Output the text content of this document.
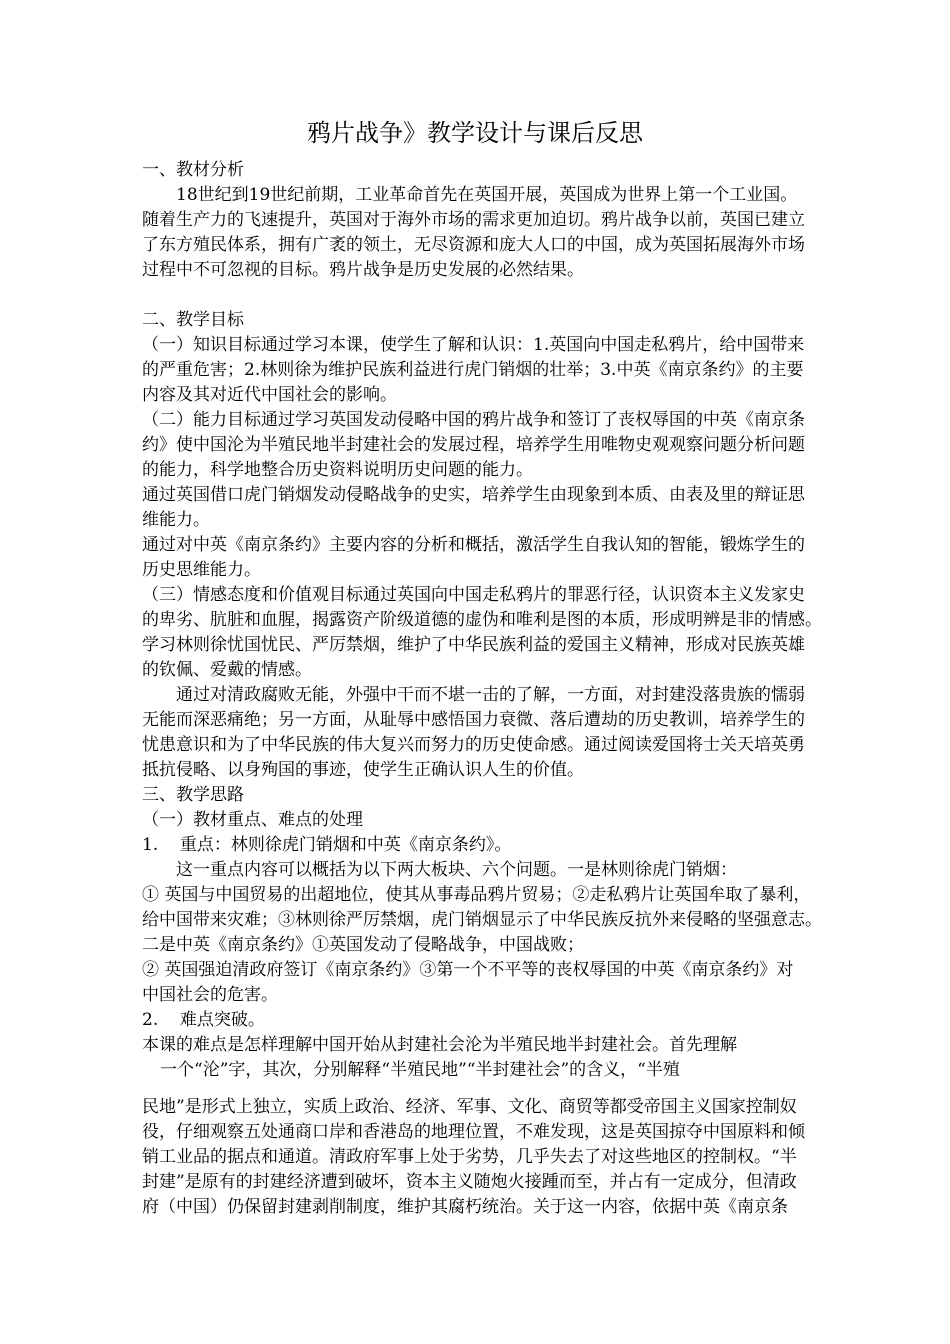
鸦片战争》教学设计与课后反思
一、教材分析
18世纪到19世纪前期，工业革命首先在英国开展，英国成为世界上第一个工业国。
随着生产力的飞速提升，英国对于海外市场的需求更加迫切。鸦片战争以前，英国已建立
了东方殖民体系，拥有广袤的领土，无尽资源和庞大人口的中国，成为英国拓展海外市场
过程中不可忽视的目标。鸦片战争是历史发展的必然结果。
二、教学目标
（一）知识目标通过学习本课，使学生了解和认识：1.英国向中国走私鸦片，给中国带来
的严重危害；2.林则徐为维护民族利益进行虎门销烟的壮举；3.中英《南京条约》的主要
内容及其对近代中国社会的影响。
（二）能力目标通过学习英国发动侵略中国的鸦片战争和签订了丧权辱国的中英《南京条
约》使中国沦为半殖民地半封建社会的发展过程，培养学生用唯物史观观察问题分析问题
的能力，科学地整合历史资料说明历史问题的能力。
通过英国借口虎门销烟发动侵略战争的史实，培养学生由现象到本质、由表及里的辩证思
维能力。
通过对中英《南京条约》主要内容的分析和概括，激活学生自我认知的智能，锻炼学生的
历史思维能力。
（三）情感态度和价值观目标通过英国向中国走私鸦片的罪恶行径，认识资本主义发家史
的卑劣、肮脏和血腥，揭露资产阶级道德的虚伪和唯利是图的本质，形成明辨是非的情感。
学习林则徐忧国忧民、严厉禁烟，维护了中华民族利益的爱国主义精神，形成对民族英雄
的钦佩、爱戴的情感。
通过对清政腐败无能，外强中干而不堪一击的了解，一方面，对封建没落贵族的懦弱
无能而深恶痛绝；另一方面，从耻辱中感悟国力衰微、落后遭劫的历史教训，培养学生的
忧患意识和为了中华民族的伟大复兴而努力的历史使命感。通过阅读爱国将士关天培英勇
抵抗侵略、以身殉国的事迹，使学生正确认识人生的价值。
三、教学思路
（一）教材重点、难点的处理
1.    重点：林则徐虎门销烟和中英《南京条约》。
这一重点内容可以概括为以下两大板块、六个问题。一是林则徐虎门销烟：
① 英国与中国贸易的出超地位，使其从事毒品鸦片贸易；②走私鸦片让英国牟取了暴利，
给中国带来灾难；③林则徐严厉禁烟，虎门销烟显示了中华民族反抗外来侵略的坚强意志。
二是中英《南京条约》①英国发动了侵略战争，中国战败；
② 英国强迫清政府签订《南京条约》③第一个不平等的丧权辱国的中英《南京条约》对
中国社会的危害。
2.    难点突破。
本课的难点是怎样理解中国开始从封建社会沦为半殖民地半封建社会。首先理解
一个“沦”字，其次，分别解释“半殖民地”“半封建社会”的含义，“半殖
民地”是形式上独立，实质上政治、经济、军事、文化、商贸等都受帝国主义国家控制奴
役，仔细观察五处通商口岸和香港岛的地理位置，不难发现，这是英国掠夺中国原料和倾
销工业品的据点和通道。清政府军事上处于劣势，几乎失去了对这些地区的控制权。“半
封建”是原有的封建经济遭到破坏，资本主义随炮火接踵而至，并占有一定成分，但清政
府（中国）仍保留封建剥削制度，维护其腐朽统治。关于这一内容，依据中英《南京条
